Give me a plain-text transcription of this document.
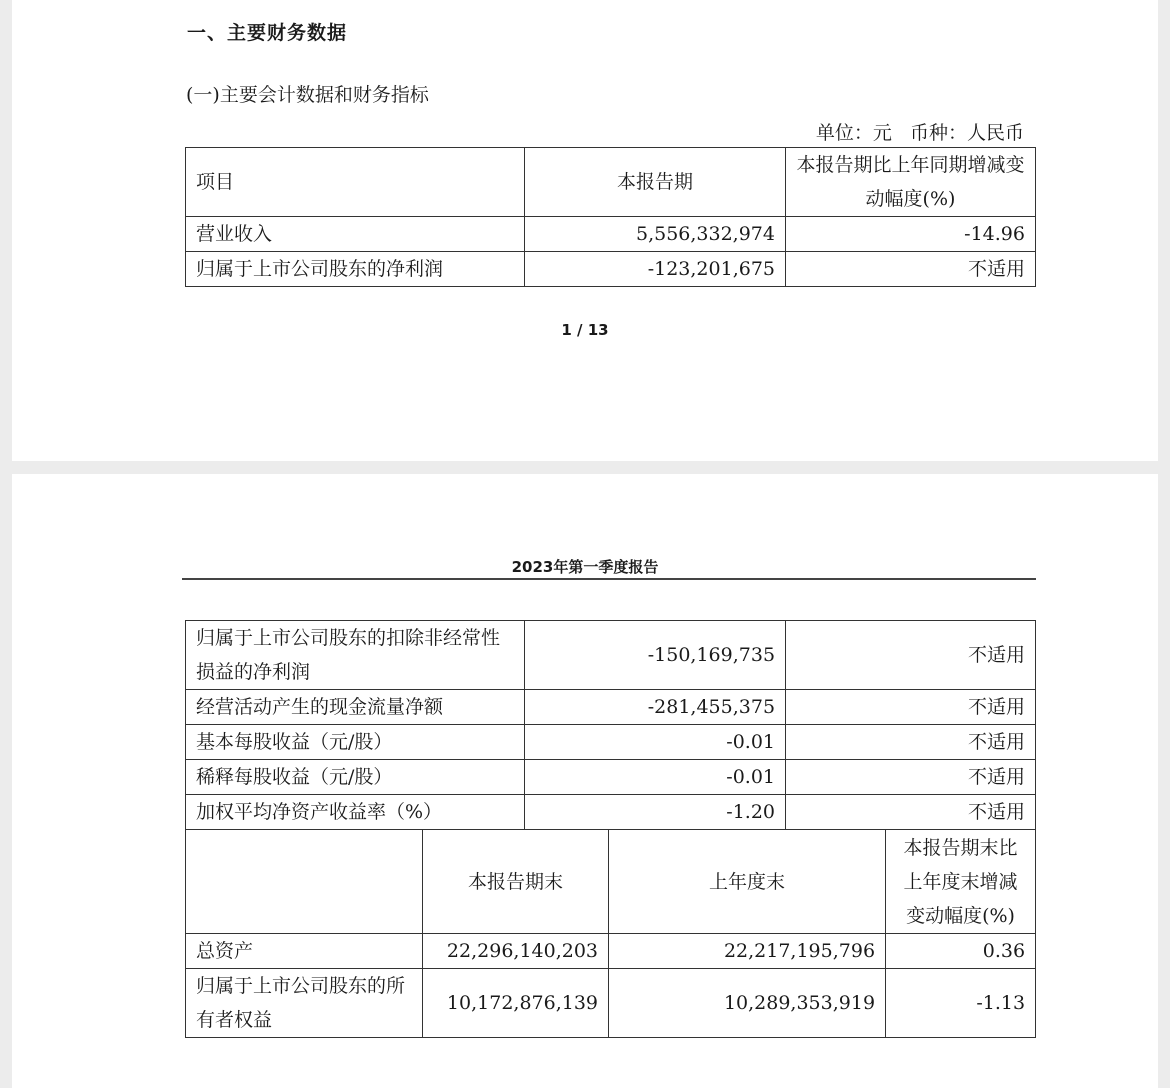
一、主要财务数据
(一)主要会计数据和财务指标
单位：元   币种：人民币
项目	本报告期	本报告期比上年同期增减变动幅度(%)
营业收入	5,556,332,974	-14.96
归属于上市公司股东的净利润	-123,201,675	不适用
1 / 13
2023年第一季度报告
归属于上市公司股东的扣除非经常性损益的净利润		-150,169,735		不适用	
经营活动产生的现金流量净额		-281,455,375		不适用	
基本每股收益（元/股）		-0.01		不适用	
稀释每股收益（元/股）		-0.01		不适用	
加权平均净资产收益率（%）		-1.20		不适用	
	本报告期末		上年度末		本报告期末比上年度末增减变动幅度(%)
总资产	22,296,140,203		22,217,195,796		0.36
归属于上市公司股东的所有者权益	10,172,876,139		10,289,353,919		-1.13
